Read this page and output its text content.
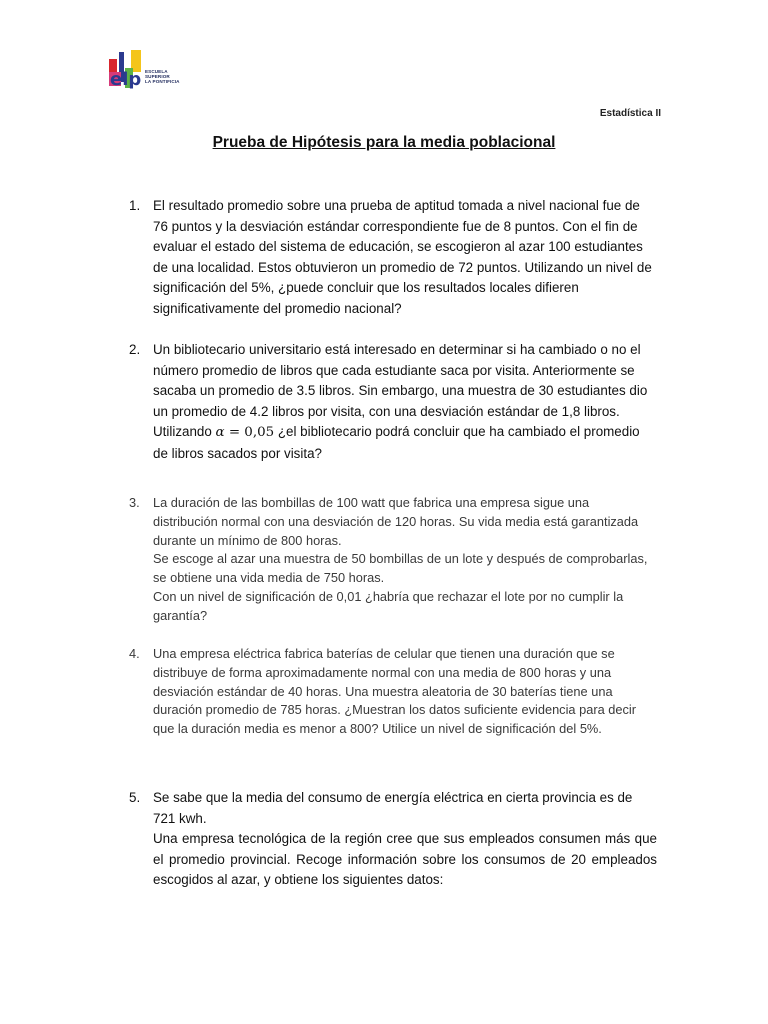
elp ESCUELA
SUPERIOR
LA PONTIFICIA
Estadística II
Prueba de Hipótesis para la media poblacional
1. El resultado promedio sobre una prueba de aptitud tomada a nivel nacional fue de 76 puntos y la desviación estándar correspondiente fue de 8 puntos. Con el fin de evaluar el estado del sistema de educación, se escogieron al azar 100 estudiantes de una localidad. Estos obtuvieron un promedio de 72 puntos. Utilizando un nivel de significación del 5%, ¿puede concluir que los resultados locales difieren significativamente del promedio nacional?
2. Un bibliotecario universitario está interesado en determinar si ha cambiado o no el número promedio de libros que cada estudiante saca por visita. Anteriormente se sacaba un promedio de 3.5 libros. Sin embargo, una muestra de 30 estudiantes dio un promedio de 4.2 libros por visita, con una desviación estándar de 1,8 libros. Utilizando α = 0,05 ¿el bibliotecario podrá concluir que ha cambiado el promedio de libros sacados por visita?
3. La duración de las bombillas de 100 watt que fabrica una empresa sigue una distribución normal con una desviación de 120 horas. Su vida media está garantizada durante un mínimo de 800 horas.
Se escoge al azar una muestra de 50 bombillas de un lote y después de comprobarlas, se obtiene una vida media de 750 horas.
Con un nivel de significación de 0,01 ¿habría que rechazar el lote por no cumplir la garantía?
4. Una empresa eléctrica fabrica baterías de celular que tienen una duración que se distribuye de forma aproximadamente normal con una media de 800 horas y una desviación estándar de 40 horas. Una muestra aleatoria de 30 baterías tiene una duración promedio de 785 horas. ¿Muestran los datos suficiente evidencia para decir que la duración media es menor a 800? Utilice un nivel de significación del 5%.
5. Se sabe que la media del consumo de energía eléctrica en cierta provincia es de 721 kwh.
Una empresa tecnológica de la región cree que sus empleados consumen más que el promedio provincial. Recoge información sobre los consumos de 20 empleados escogidos al azar, y obtiene los siguientes datos:
